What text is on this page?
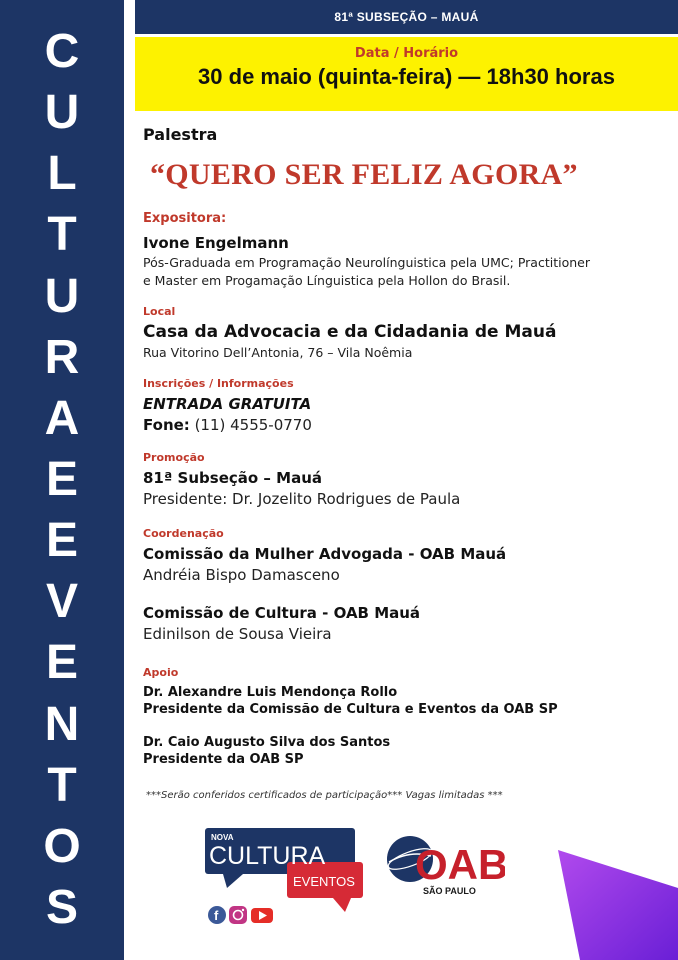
C
U
L
T
U
R
A
E
E
V
E
N
T
O
S
81ª SUBSEÇÃO – MAUÁ
Data / Horário
30 de maio (quinta-feira) — 18h30 horas
Palestra
“QUERO SER FELIZ AGORA”
Expositora:
Ivone Engelmann
Pós-Graduada em Programação Neurolínguistica pela UMC; Practitioner
e Master em Progamação Línguistica pela Hollon do Brasil.
Local
Casa da Advocacia e da Cidadania de Mauá
Rua Vitorino Dell’Antonia, 76 – Vila Noêmia
Inscrições / Informações
ENTRADA GRATUITA
Fone: (11) 4555-0770
Promoção
81ª Subseção – Mauá
Presidente: Dr. Jozelito Rodrigues de Paula
Coordenação
Comissão da Mulher Advogada - OAB Mauá
Andréia Bispo Damasceno
Comissão de Cultura - OAB Mauá
Edinilson de Sousa Vieira
Apoio
Dr. Alexandre Luis Mendonça Rollo
Presidente da Comissão de Cultura e Eventos da OAB SP
Dr. Caio Augusto Silva dos Santos
Presidente da OAB SP
***Serão conferidos certificados de participação*** Vagas limitadas ***
NOVA
CULTURA
EVENTOS
f
OAB
SÃO PAULO
